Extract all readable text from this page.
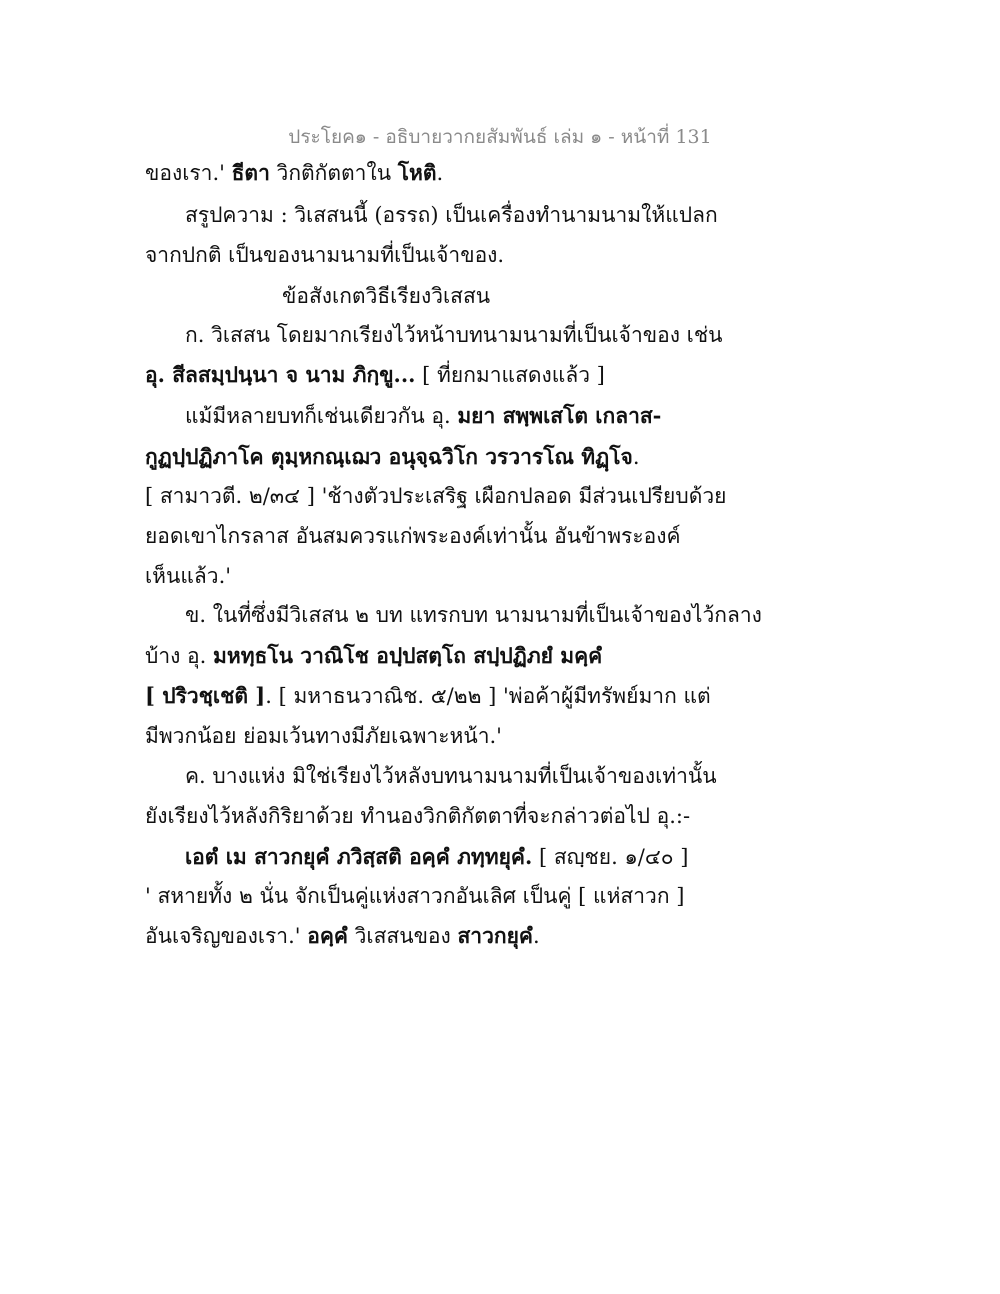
ประโยค๑ - อธิบายวากยสัมพันธ์ เล่ม ๑ - หน้าที่ 131
ของเรา.' ธีตา วิกติกัตตาใน โหติ.
สรูปความ : วิเสสนนี้ (อรรถ) เป็นเครื่องทำนามนามให้แปลก
จากปกติ เป็นของนามนามที่เป็นเจ้าของ.
ข้อสังเกตวิธีเรียงวิเสสน
ก. วิเสสน โดยมากเรียงไว้หน้าบทนามนามที่เป็นเจ้าของ เช่น
อุ. สีลสมฺปนฺนา จ นาม ภิกฺขู... [ ที่ยกมาแสดงแล้ว ]
แม้มีหลายบทก็เช่นเดียวกัน อุ. มยา สพฺพเสโต เกลาส-
กูฏปฺปฏิภาโค ตุมฺหกณฺเฌว อนุจฺฉวิโก วรวารโณ ทิฏฺโจ.
[ สามาวตี. ๒/๓๔ ] 'ช้างตัวประเสริฐ เผือกปลอด มีส่วนเปรียบด้วย
ยอดเขาไกรลาส อันสมควรแก่พระองค์เท่านั้น อันข้าพระองค์
เห็นแล้ว.'
ข. ในที่ซึ่งมีวิเสสน ๒ บท แทรกบท นามนามที่เป็นเจ้าของไว้กลาง
บ้าง อุ. มหทฺธโน วาณิโช อปฺปสตฺโถ สปฺปฏิภยํ มคฺคํ
[ ปริวชฺเชติ ]. [ มหาธนวาณิช. ๕/๒๒ ] 'พ่อค้าผู้มีทรัพย์มาก แต่
มีพวกน้อย ย่อมเว้นทางมีภัยเฉพาะหน้า.'
ค. บางแห่ง มิใช่เรียงไว้หลังบทนามนามที่เป็นเจ้าของเท่านั้น
ยังเรียงไว้หลังกิริยาด้วย ทำนองวิกติกัตตาที่จะกล่าวต่อไป อุ.:-
เอตํ เม สาวกยุคํ ภวิสฺสติ อคฺคํ ภทฺทยุคํ. [ สญฺชย. ๑/๔๐ ]
' สหายทั้ง ๒ นั่น จักเป็นคู่แห่งสาวกอันเลิศ เป็นคู่ [ แห่สาวก ]
อันเจริญของเรา.' อคฺคํ วิเสสนของ สาวกยุคํ.
